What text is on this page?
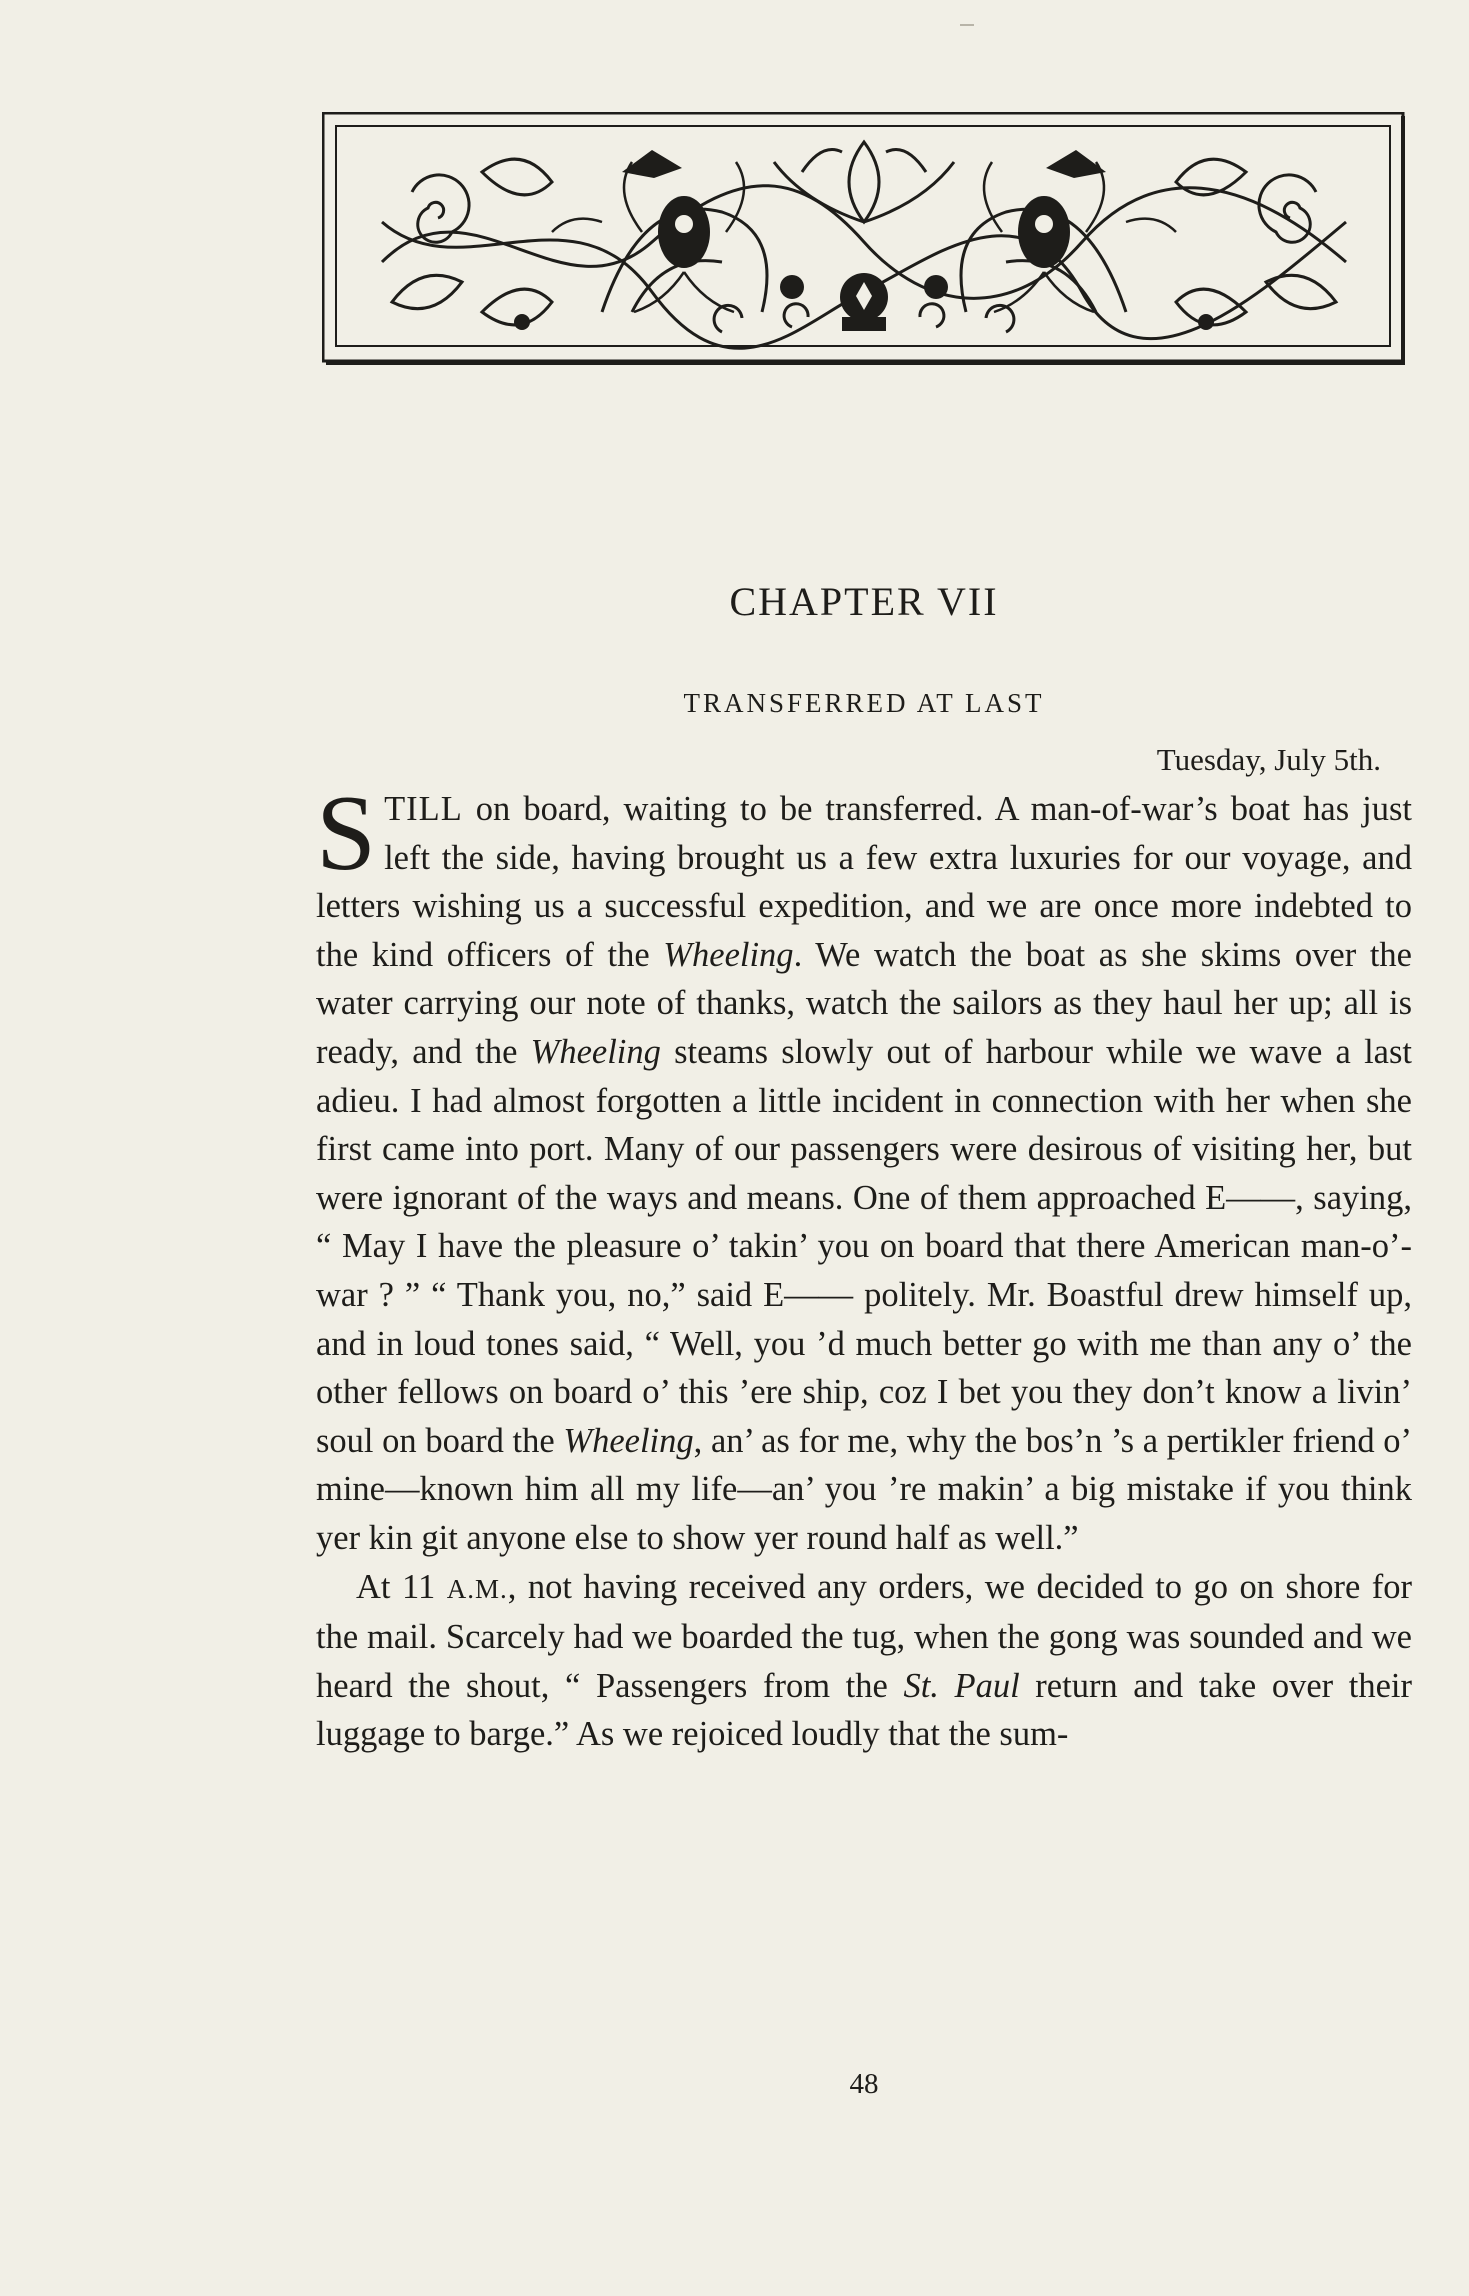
CHAPTER VII
TRANSFERRED AT LAST

Tuesday, July 5th.

STILL on board, waiting to be transferred. A man-of-war’s boat has just left the side, having brought us a few extra luxuries for our voyage, and letters wishing us a successful expedition, and we are once more indebted to the kind officers of the Wheeling. We watch the boat as she skims over the water carrying our note of thanks, watch the sailors as they haul her up; all is ready, and the Wheeling steams slowly out of harbour while we wave a last adieu. I had almost forgotten a little incident in connection with her when she first came into port. Many of our passengers were desirous of visiting her, but were ignorant of the ways and means. One of them approached E——, saying, “ May I have the pleasure o’ takin’ you on board that there American man-o’-war ? ” “ Thank you, no,” said E—— politely. Mr. Boastful drew himself up, and in loud tones said, “ Well, you ’d much better go with me than any o’ the other fellows on board o’ this ’ere ship, coz I bet you they don’t know a livin’ soul on board the Wheeling, an’ as for me, why the bos’n ’s a pertikler friend o’ mine—known him all my life—an’ you ’re makin’ a big mistake if you think yer kin git anyone else to show yer round half as well.”

At 11 A.M., not having received any orders, we decided to go on shore for the mail. Scarcely had we boarded the tug, when the gong was sounded and we heard the shout, “ Passengers from the St. Paul return and take over their luggage to barge.” As we rejoiced loudly that the sum-

48
